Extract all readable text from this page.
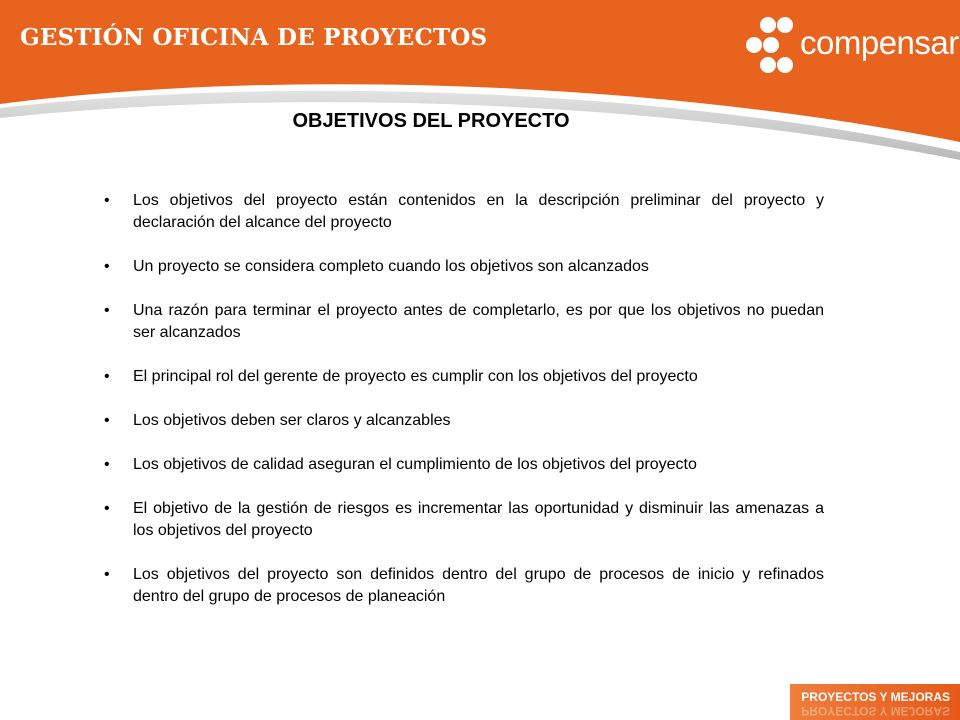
GESTIÓN OFICINA DE PROYECTOS	compensar
OBJETIVOS DEL PROYECTO
• Los objetivos del proyecto están contenidos en la descripción preliminar del proyecto y declaración del alcance del proyecto
• Un proyecto se considera completo cuando los objetivos son alcanzados
• Una razón para terminar el proyecto antes de completarlo, es por que los objetivos no puedan ser alcanzados
• El principal rol del gerente de proyecto es cumplir con los objetivos del proyecto
• Los objetivos deben ser claros y alcanzables
• Los objetivos de calidad aseguran el cumplimiento de los objetivos del proyecto
• El objetivo de la gestión de riesgos es incrementar las oportunidad y disminuir las amenazas a los objetivos del proyecto
• Los objetivos del proyecto son definidos dentro del grupo de procesos de inicio y refinados dentro del grupo de procesos de planeación
PROYECTOS Y MEJORAS
PROYECTOS Y MEJORAS
